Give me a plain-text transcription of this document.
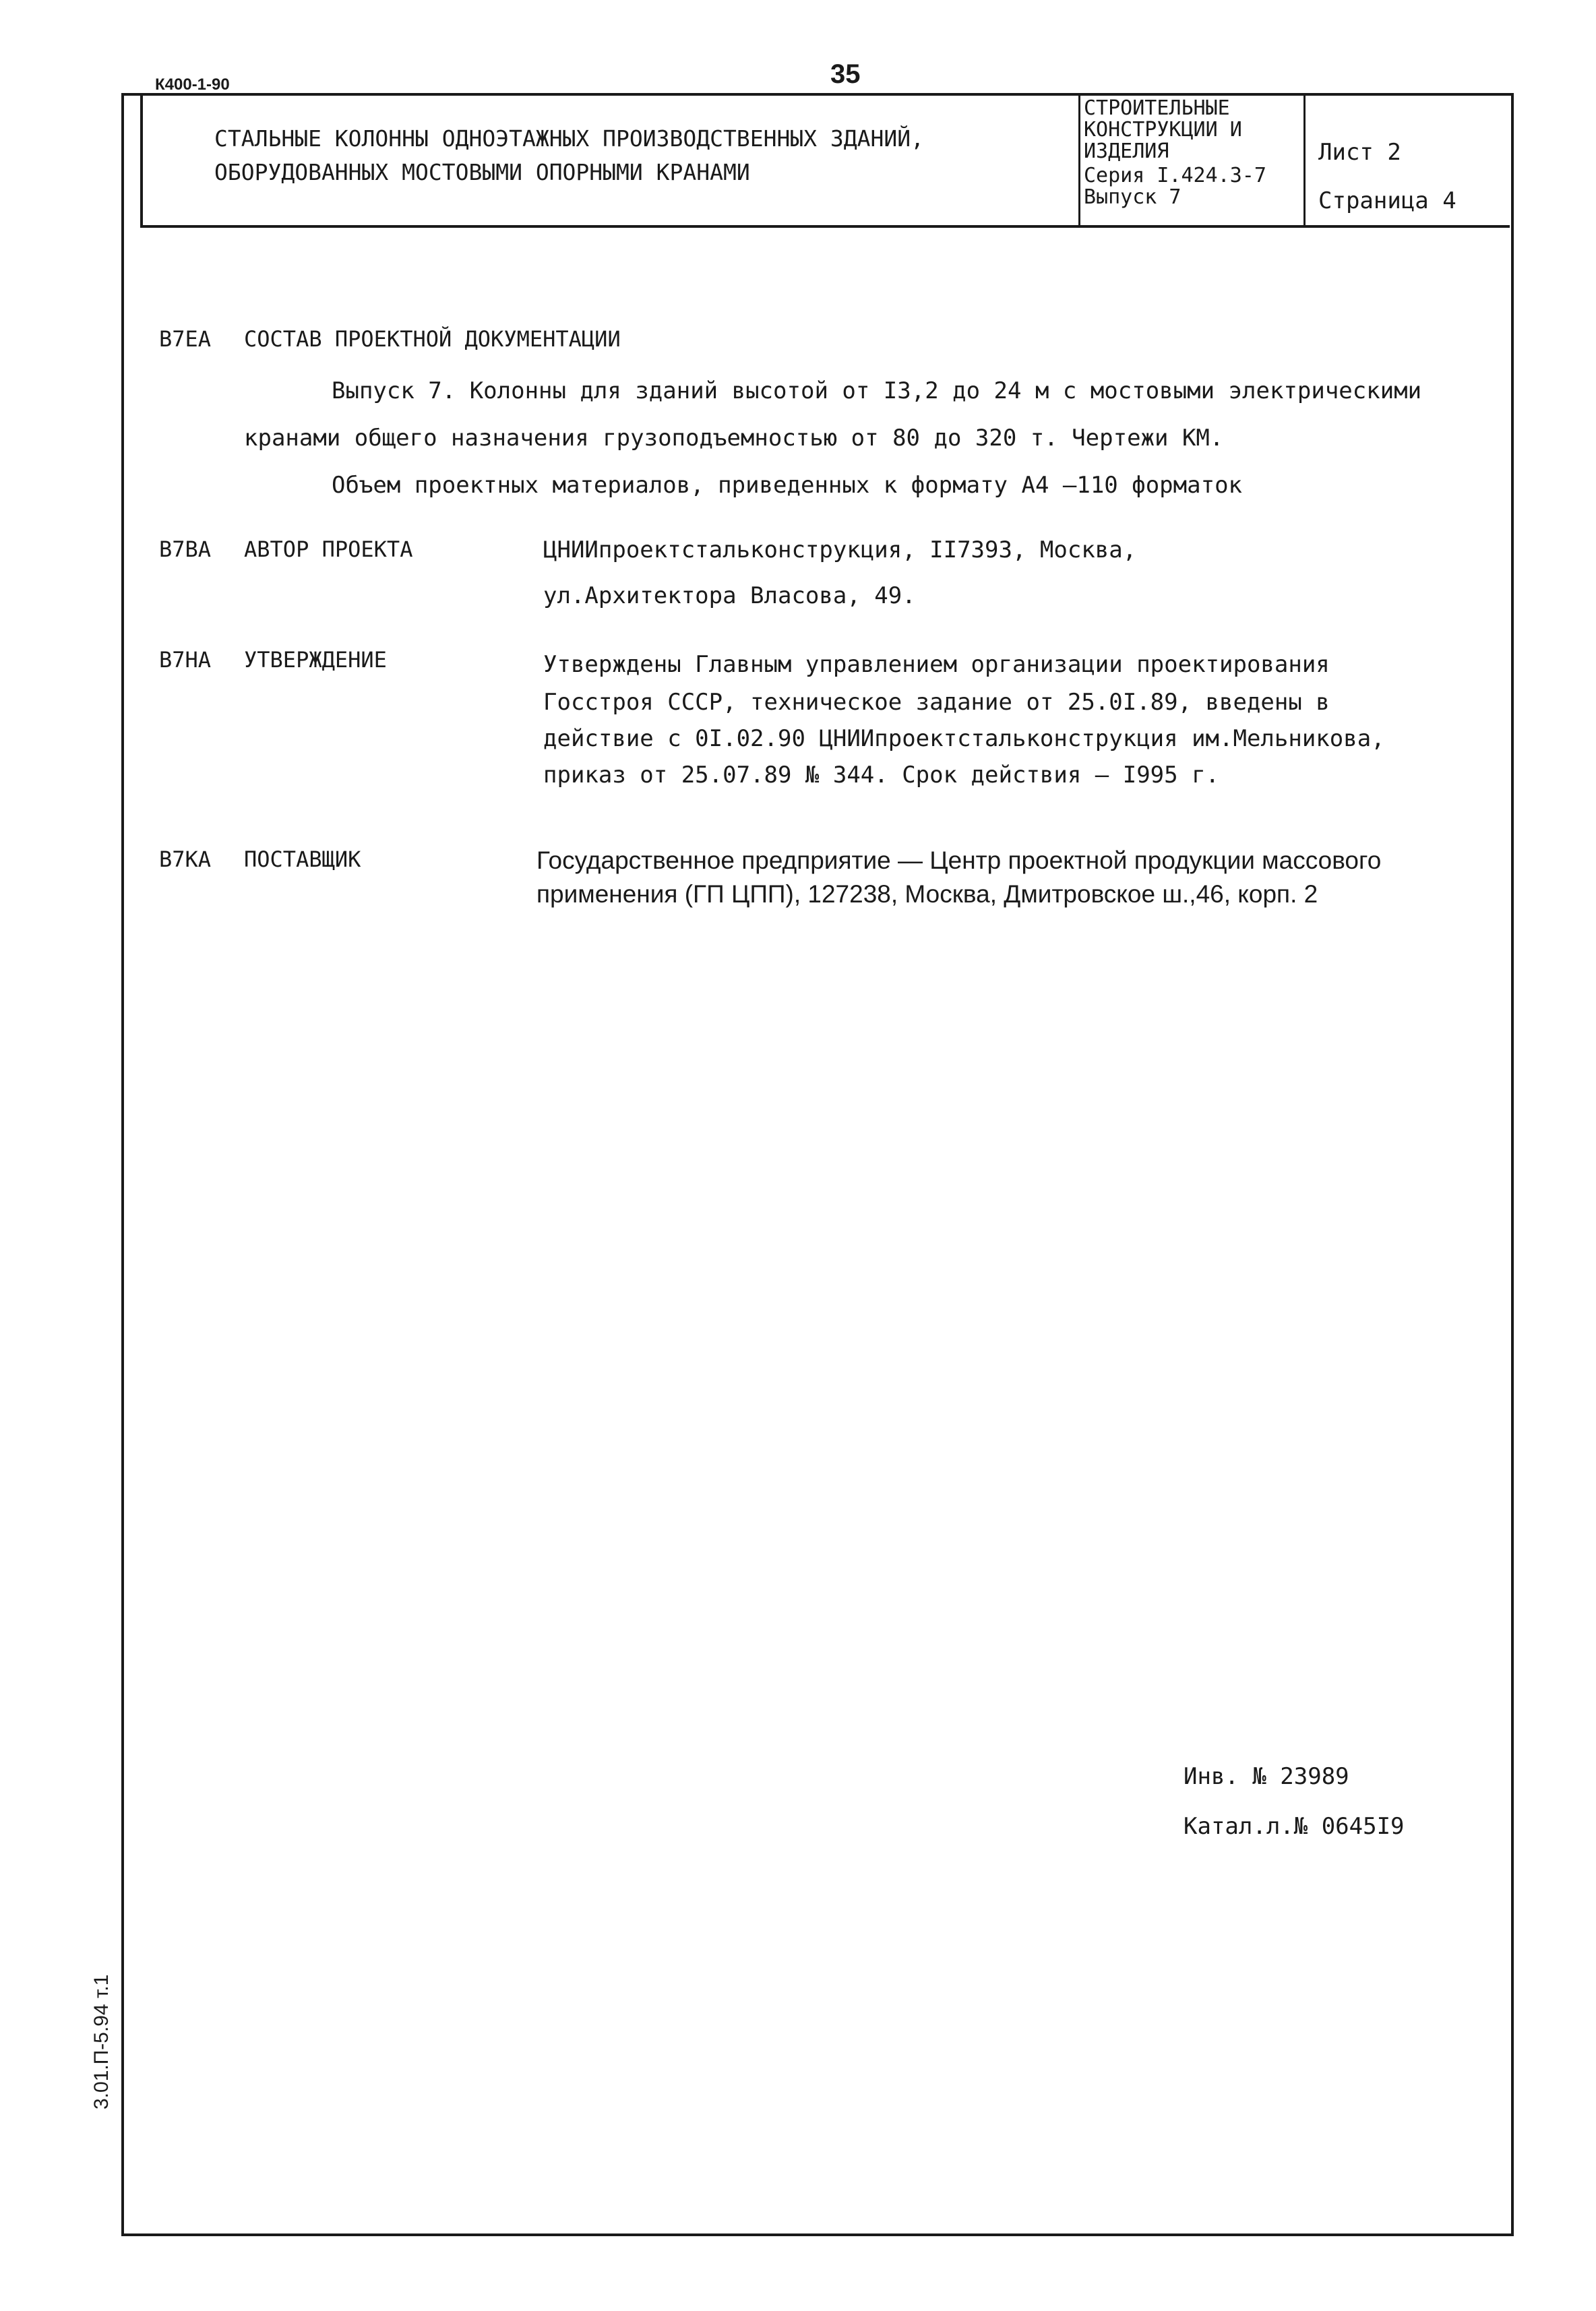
К400-1-90	35
СТАЛЬНЫЕ КОЛОННЫ ОДНОЭТАЖНЫХ ПРОИЗВОДСТВЕННЫХ ЗДАНИЙ,
ОБОРУДОВАННЫХ МОСТОВЫМИ ОПОРНЫМИ КРАНАМИ
СТРОИТЕЛЬНЫЕ
КОНСТРУКЦИИ И
ИЗДЕЛИЯ
Серия I.424.3-7
Выпуск 7
Лист 2
Страница 4
В7ЕА СОСТАВ ПРОЕКТНОЙ ДОКУМЕНТАЦИИ
Выпуск 7. Колонны для зданий высотой от I3,2 до 24 м с мостовыми электрическими
кранами общего назначения грузоподъемностью от 80 до 320 т. Чертежи КМ.
Объем проектных материалов, приведенных к формату А4 –110 форматок
В7ВА АВТОР ПРОЕКТА	ЦНИИпроектстальконструкция, II7393, Москва,
ул.Архитектора Власова, 49.
В7НА УТВЕРЖДЕНИЕ	Утверждены Главным управлением организации проектирования
Госстроя СССР, техническое задание от 25.0I.89, введены в
действие с 0I.02.90 ЦНИИпроектстальконструкция им.Мельникова,
приказ от 25.07.89 № 344. Срок действия – I995 г.
В7КА ПОСТАВЩИК	Государственное предприятие — Центр проектной продукции массового
применения (ГП ЦПП), 127238, Москва, Дмитровское ш.,46, корп. 2
Инв. № 23989
Катал.л.№ 0645I9
3.01.П-5.94 т.1
